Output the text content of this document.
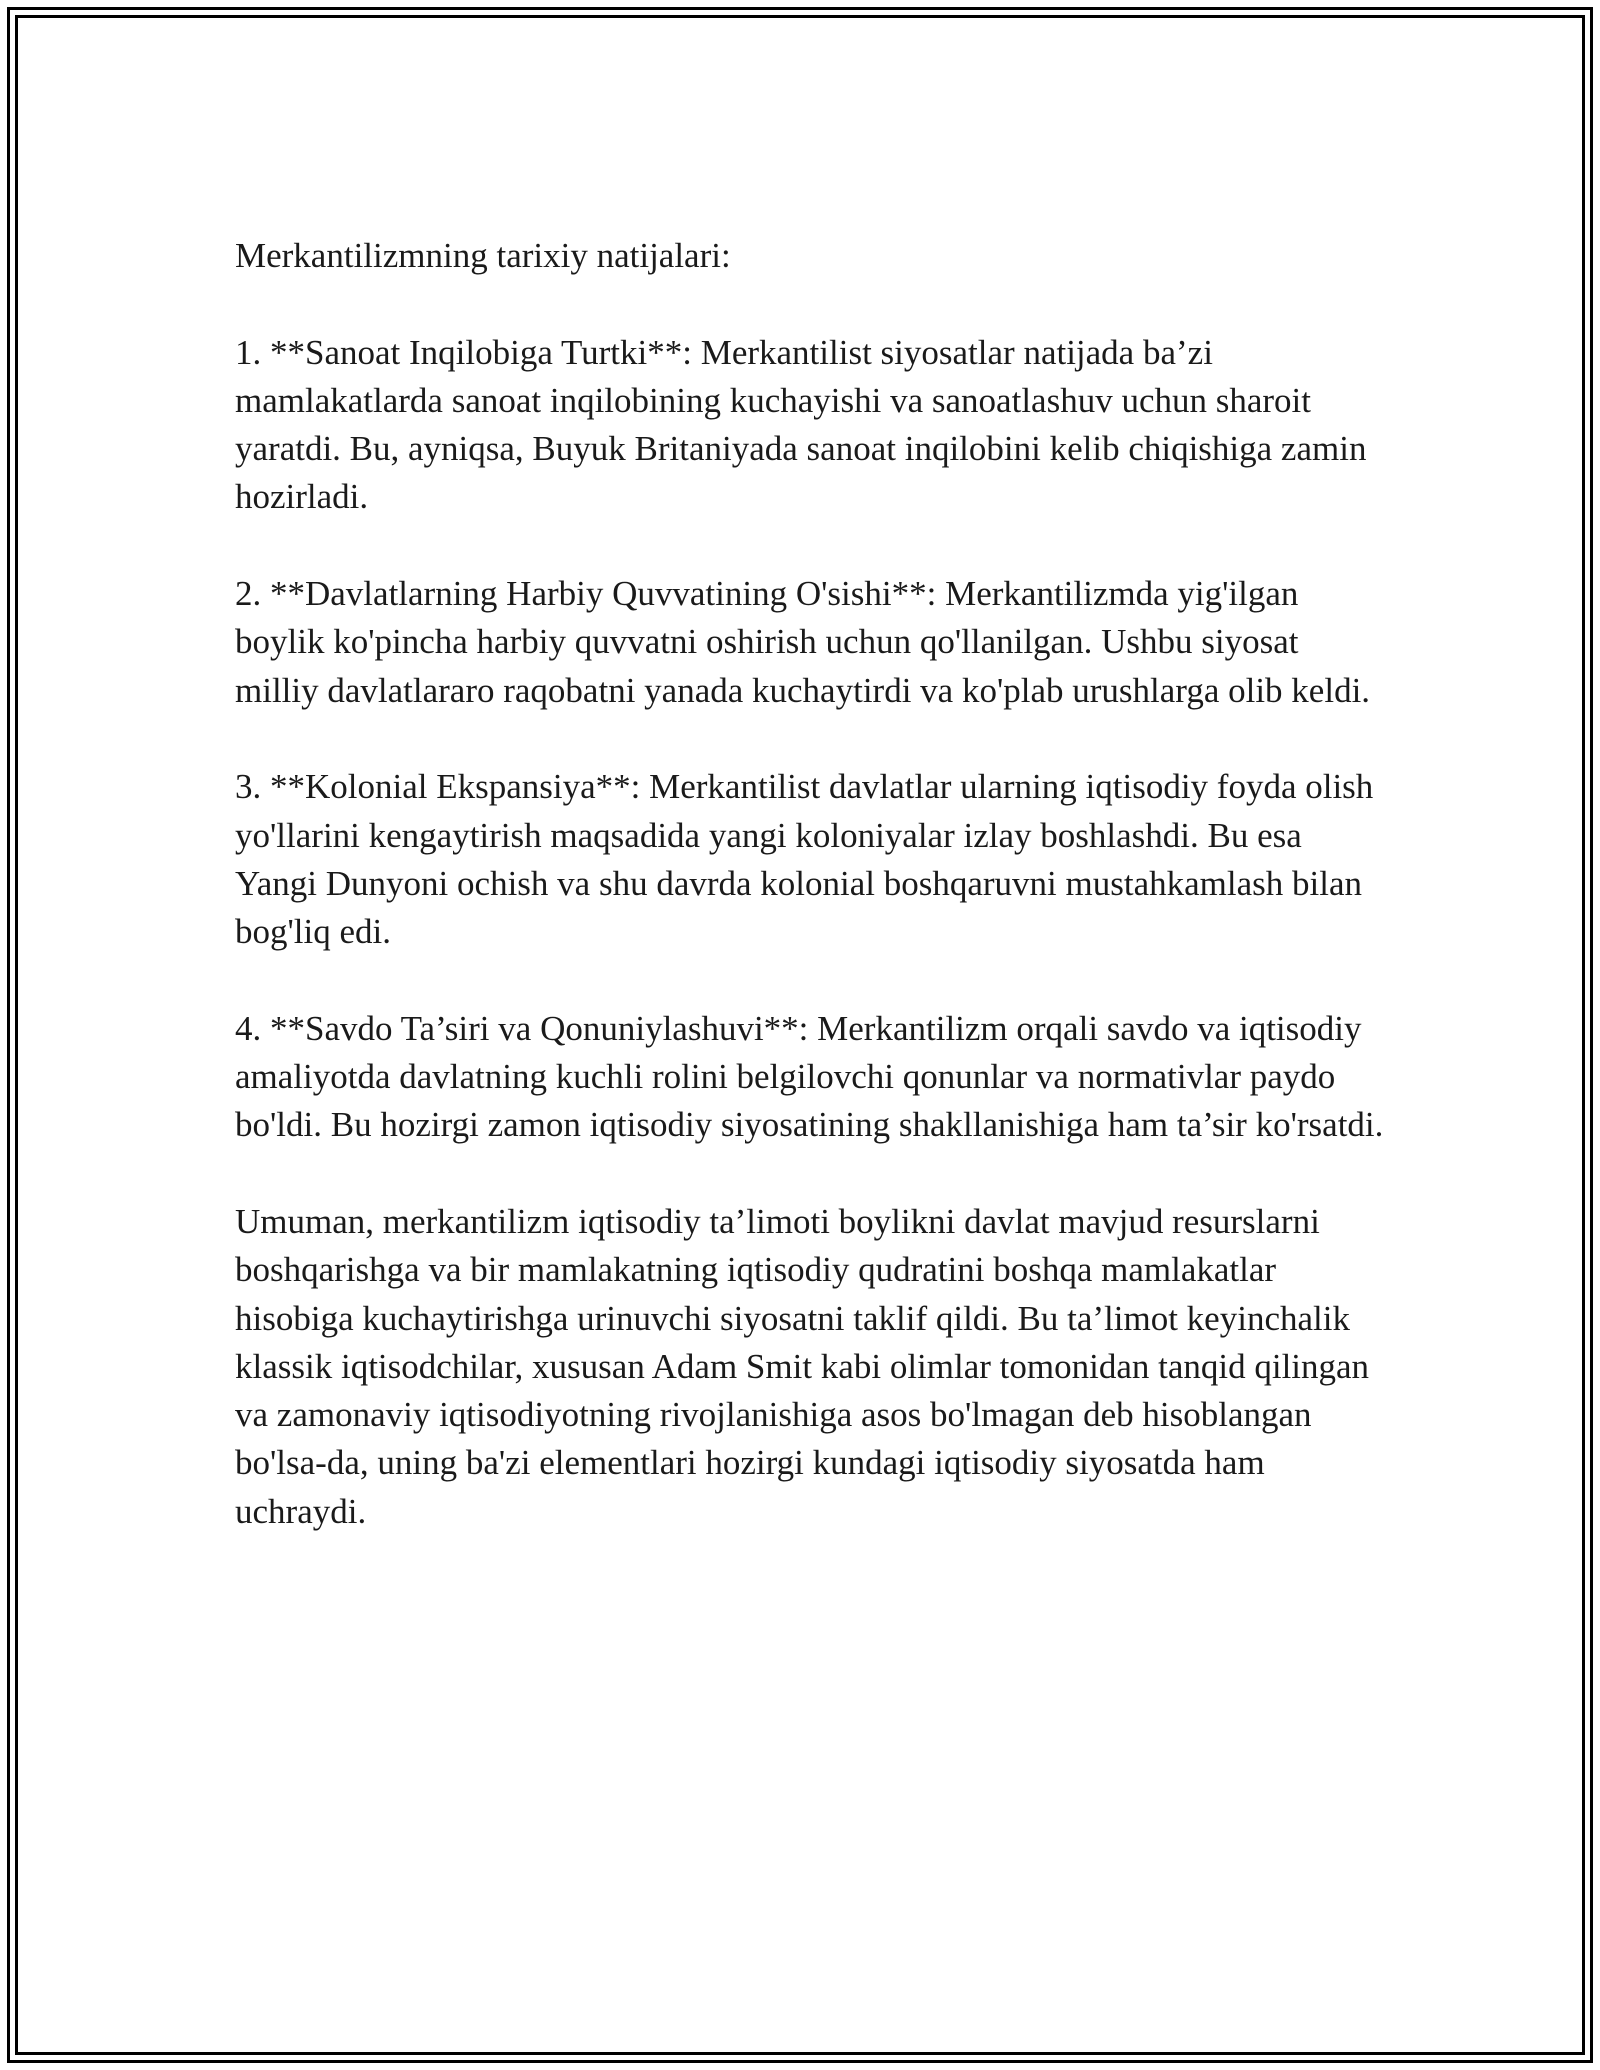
Merkantilizmning tarixiy natijalari:

1. **Sanoat Inqilobiga Turtki**: Merkantilist siyosatlar natijada ba’zi mamlakatlarda sanoat inqilobining kuchayishi va sanoatlashuv uchun sharoit yaratdi. Bu, ayniqsa, Buyuk Britaniyada sanoat inqilobini kelib chiqishiga zamin hozirladi.

2. **Davlatlarning Harbiy Quvvatining O'sishi**: Merkantilizmda yig'ilgan boylik ko'pincha harbiy quvvatni oshirish uchun qo'llanilgan. Ushbu siyosat milliy davlatlararo raqobatni yanada kuchaytirdi va ko'plab urushlarga olib keldi.

3. **Kolonial Ekspansiya**: Merkantilist davlatlar ularning iqtisodiy foyda olish yo'llarini kengaytirish maqsadida yangi koloniyalar izlay boshlashdi. Bu esa Yangi Dunyoni ochish va shu davrda kolonial boshqaruvni mustahkamlash bilan bog'liq edi.

4. **Savdo Ta’siri va Qonuniylashuvi**: Merkantilizm orqali savdo va iqtisodiy amaliyotda davlatning kuchli rolini belgilovchi qonunlar va normativlar paydo bo'ldi. Bu hozirgi zamon iqtisodiy siyosatining shakllanishiga ham ta’sir ko'rsatdi.

Umuman, merkantilizm iqtisodiy ta’limoti boylikni davlat mavjud resurslarni boshqarishga va bir mamlakatning iqtisodiy qudratini boshqa mamlakatlar hisobiga kuchaytirishga urinuvchi siyosatni taklif qildi. Bu ta’limot keyinchalik klassik iqtisodchilar, xususan Adam Smit kabi olimlar tomonidan tanqid qilingan va zamonaviy iqtisodiyotning rivojlanishiga asos bo'lmagan deb hisoblangan bo'lsa-da, uning ba'zi elementlari hozirgi kundagi iqtisodiy siyosatda ham uchraydi.
